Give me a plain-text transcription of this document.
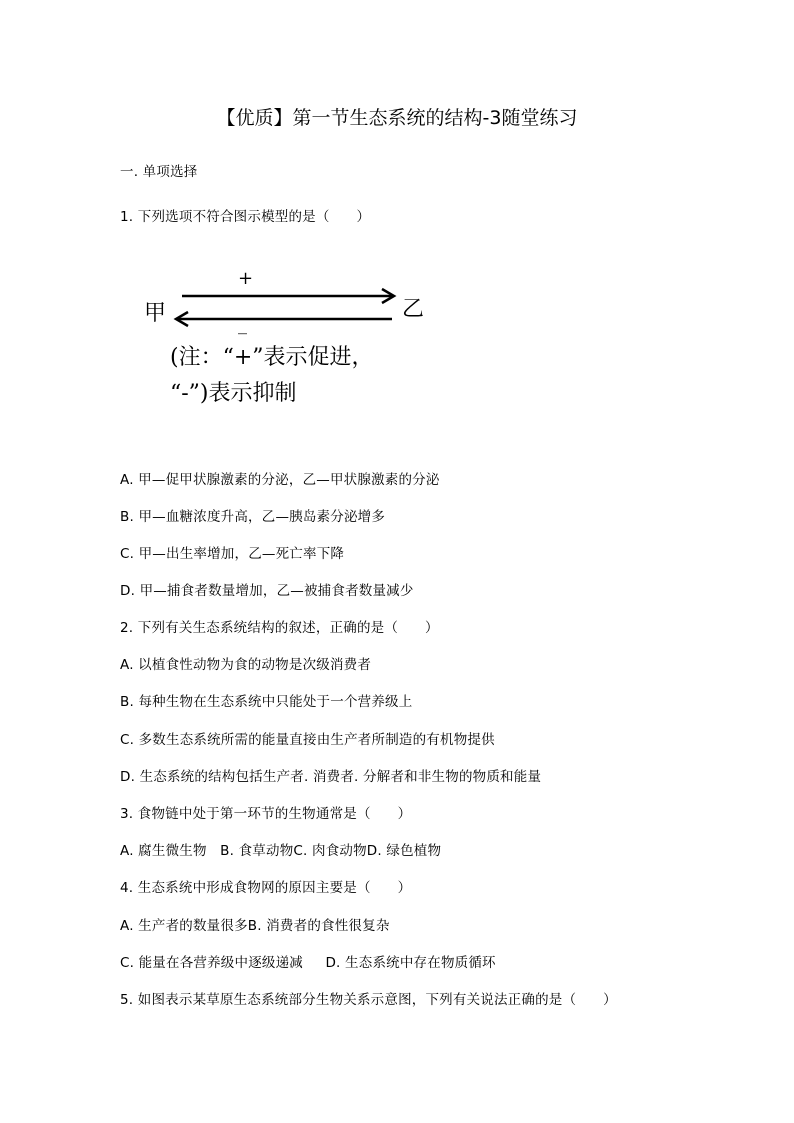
【优质】第一节生态系统的结构-3随堂练习
一. 单项选择
1. 下列选项不符合图示模型的是（      ）
甲	乙
+
_
(注：“+”表示促进，
“-”)表示抑制
A. 甲—促甲状腺激素的分泌，乙—甲状腺激素的分泌
B. 甲—血糖浓度升高，乙—胰岛素分泌增多
C. 甲—出生率增加，乙—死亡率下降
D. 甲—捕食者数量增加，乙—被捕食者数量减少
2. 下列有关生态系统结构的叙述，正确的是（      ）
A. 以植食性动物为食的动物是次级消费者
B. 每种生物在生态系统中只能处于一个营养级上
C. 多数生态系统所需的能量直接由生产者所制造的有机物提供
D. 生态系统的结构包括生产者. 消费者. 分解者和非生物的物质和能量
3. 食物链中处于第一环节的生物通常是（      ）
A. 腐生微生物   B. 食草动物C. 肉食动物D. 绿色植物
4. 生态系统中形成食物网的原因主要是（      ）
A. 生产者的数量很多B. 消费者的食性很复杂
C. 能量在各营养级中逐级递减     D. 生态系统中存在物质循环
5. 如图表示某草原生态系统部分生物关系示意图，下列有关说法正确的是（      ）
